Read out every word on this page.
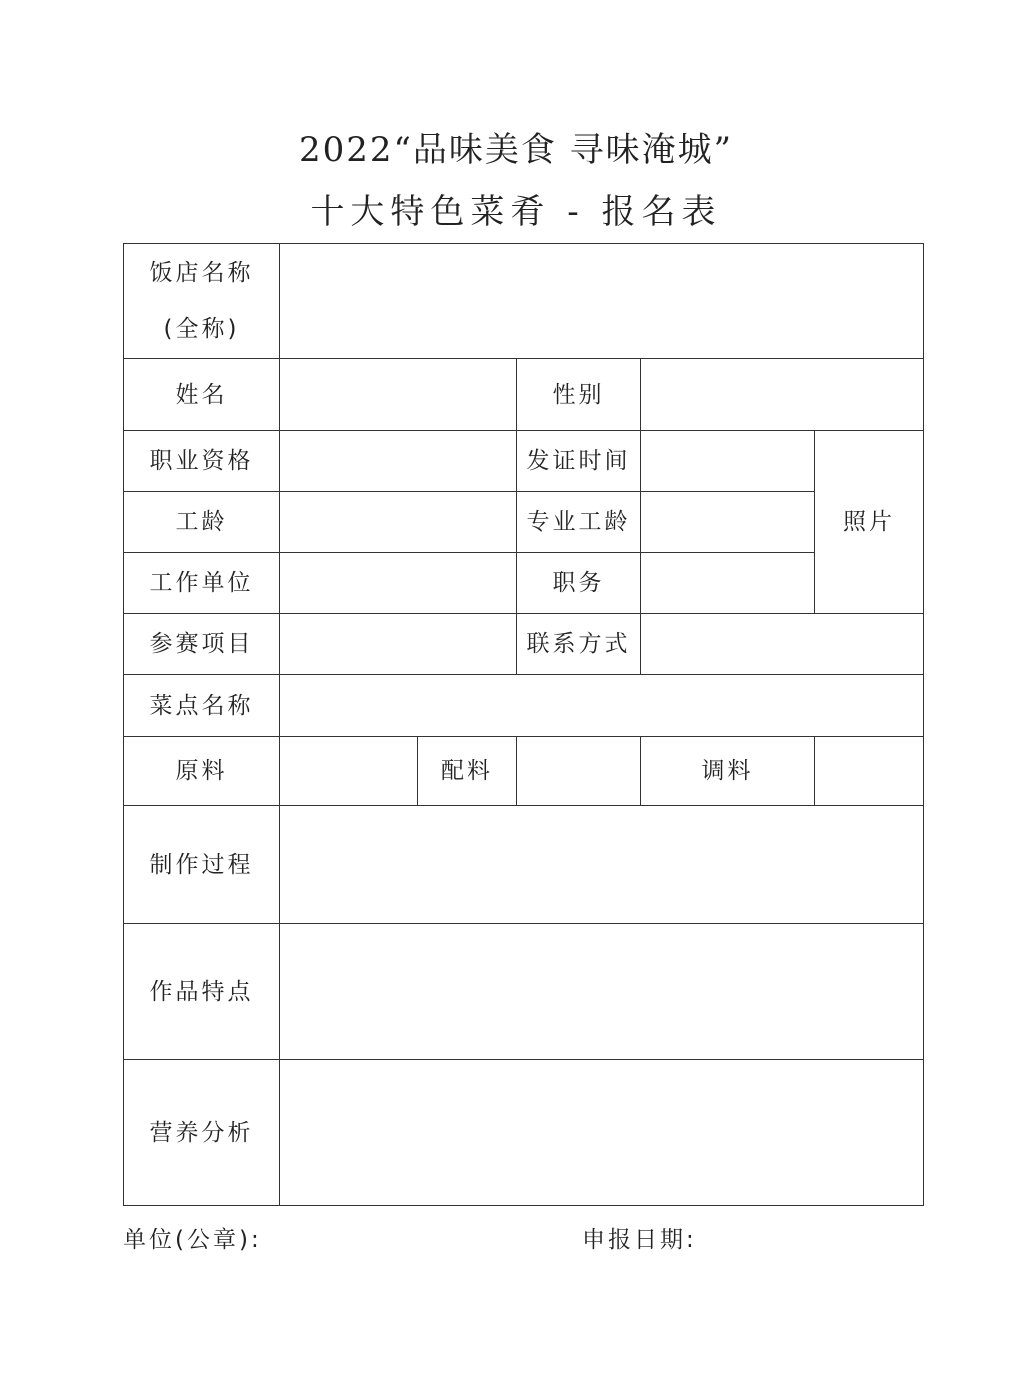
2022“品味美食 寻味淹城”
十大特色菜肴 - 报名表
饭店名称
(全称)					

姓名			性别		
职业资格			发证时间		照片
工龄			专业工龄		
工作单位			职务		
参赛项目			联系方式		
菜点名称					
原料		配料		调料	
制作过程					
作品特点					
营养分析					
单位(公章):	申报日期:
